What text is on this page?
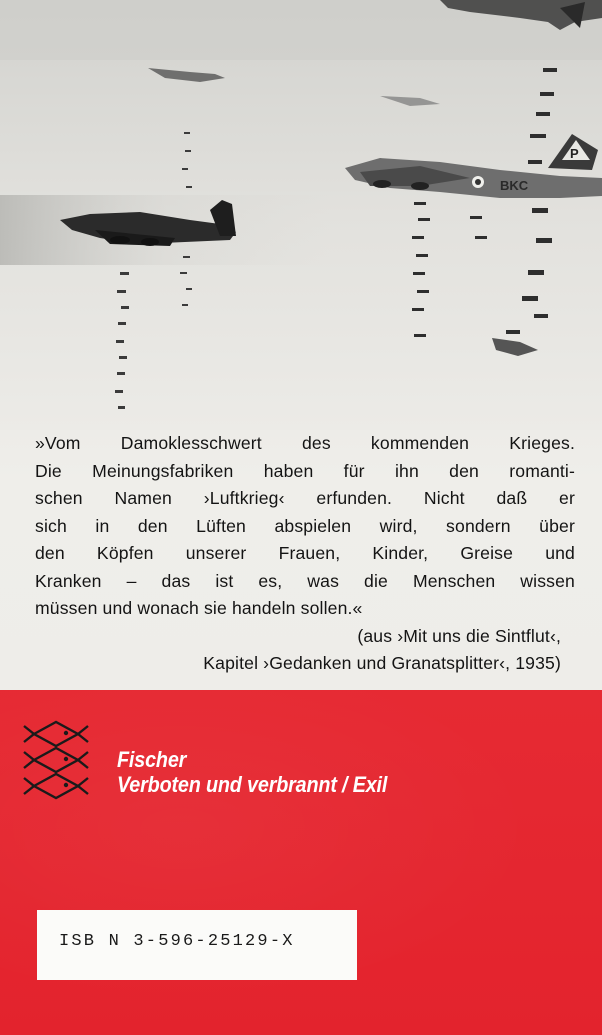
P
BKC
»Vom Damoklesschwert des kommenden Krieges.
Die Meinungsfabriken haben für ihn den romanti-
schen Namen ›Luftkrieg‹ erfunden. Nicht daß er
sich in den Lüften abspielen wird, sondern über
den Köpfen unserer Frauen, Kinder, Greise und
Kranken – das ist es, was die Menschen wissen
müssen und wonach sie handeln sollen.«
(aus ›Mit uns die Sintflut‹,
Kapitel ›Gedanken und Granatsplitter‹, 1935)
Fischer
Verboten und verbrannt / Exil
ISB N 3-596-25129-X
